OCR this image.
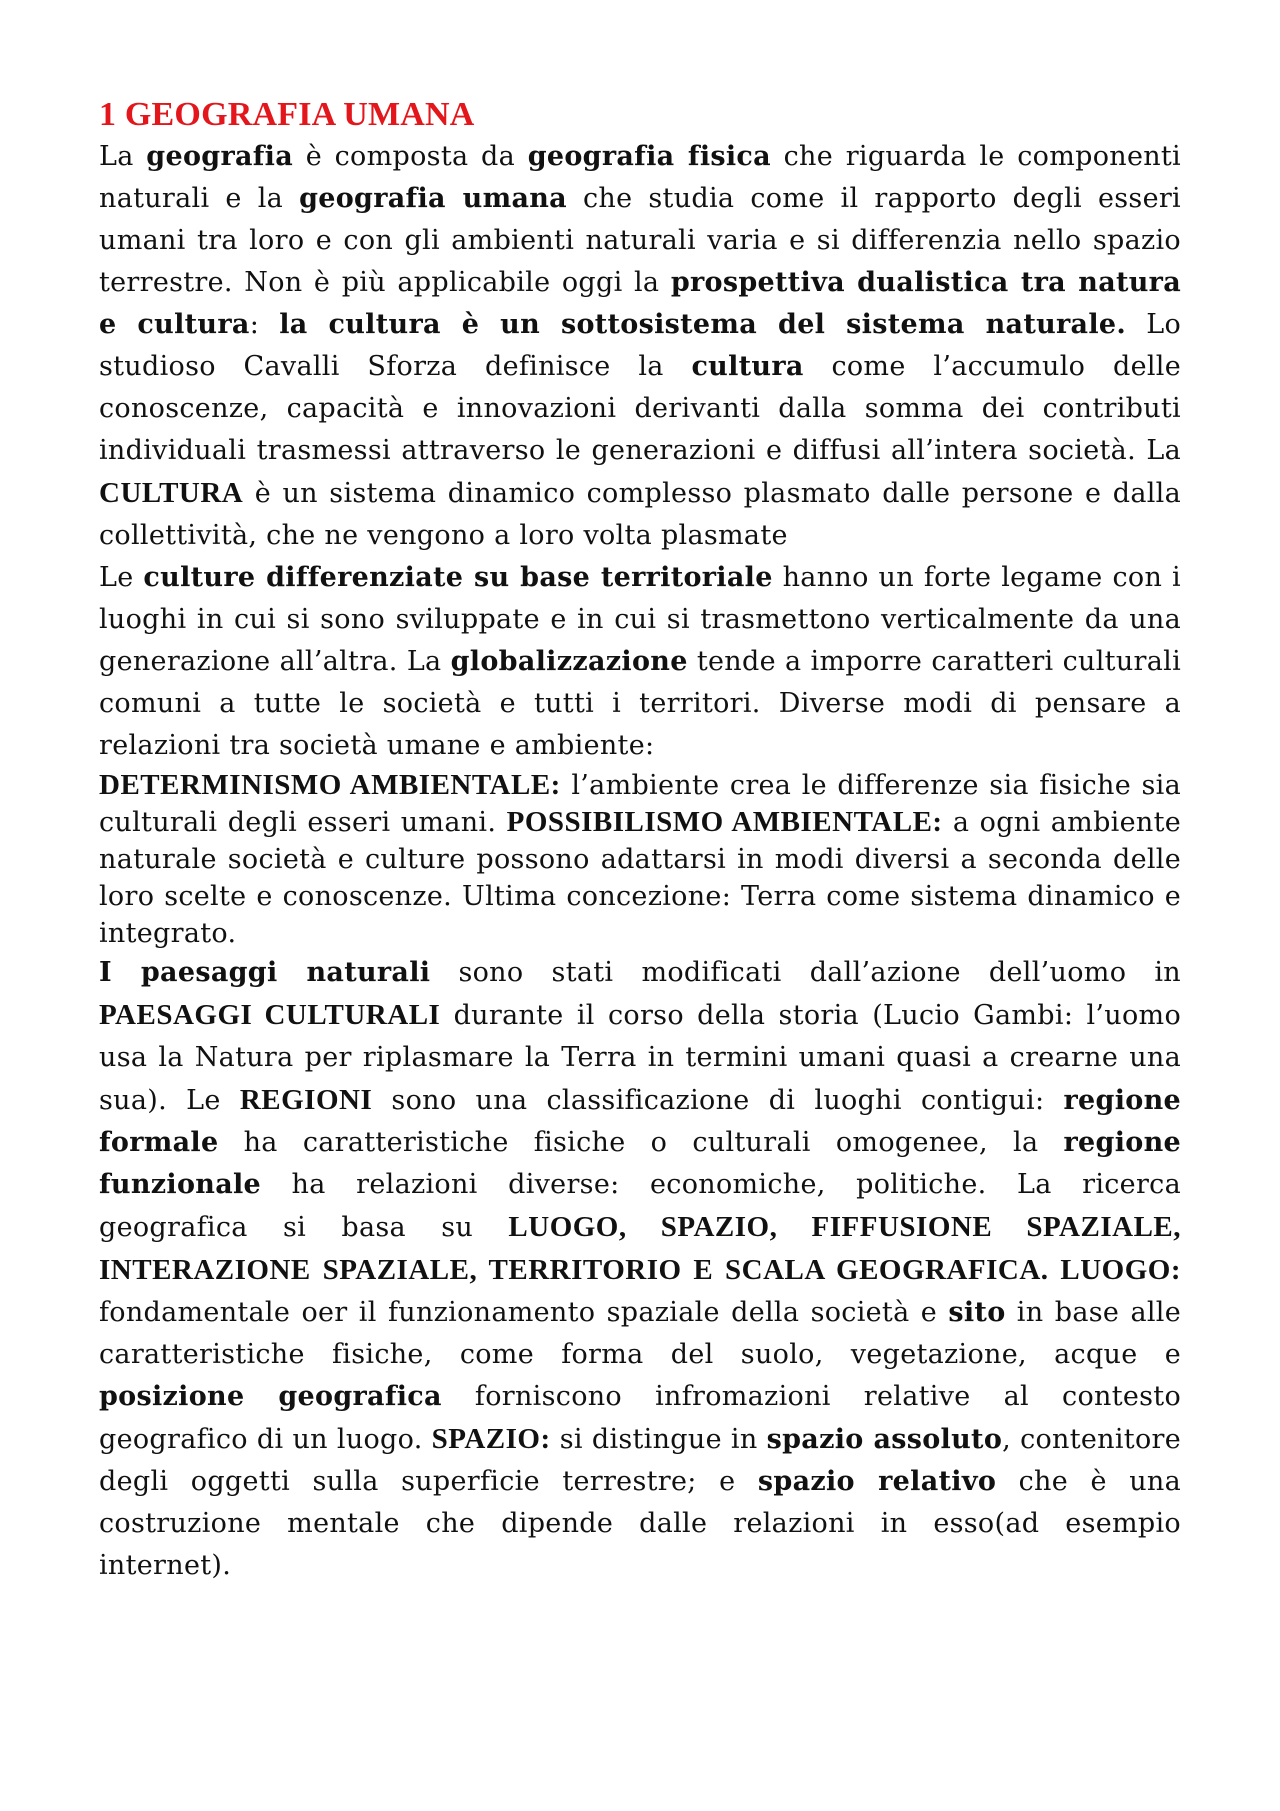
1 GEOGRAFIA UMANA

La geografia è composta da geografia fisica che riguarda le componenti naturali e la geografia umana che studia come il rapporto degli esseri umani tra loro e con gli ambienti naturali varia e si differenzia nello spazio terrestre. Non è più applicabile oggi la prospettiva dualistica tra natura e cultura: la cultura è un sottosistema del sistema naturale. Lo studioso Cavalli Sforza definisce la cultura come l’accumulo delle conoscenze, capacità e innovazioni derivanti dalla somma dei contributi individuali trasmessi attraverso le generazioni e diffusi all’intera società. La CULTURA è un sistema dinamico complesso plasmato dalle persone e dalla collettività, che ne vengono a loro volta plasmate

Le culture differenziate su base territoriale hanno un forte legame con i luoghi in cui si sono sviluppate e in cui si trasmettono verticalmente da una generazione all’altra. La globalizzazione tende a imporre caratteri culturali comuni a tutte le società e tutti i territori. Diverse modi di pensare a relazioni tra società umane e ambiente:

DETERMINISMO AMBIENTALE: l’ambiente crea le differenze sia fisiche sia culturali degli esseri umani. POSSIBILISMO AMBIENTALE: a ogni ambiente naturale società e culture possono adattarsi in modi diversi a seconda delle loro scelte e conoscenze. Ultima concezione: Terra come sistema dinamico e integrato.

I paesaggi naturali sono stati modificati dall’azione dell’uomo in PAESAGGI CULTURALI durante il corso della storia (Lucio Gambi: l’uomo usa la Natura per riplasmare la Terra in termini umani quasi a crearne una sua). Le REGIONI sono una classificazione di luoghi contigui: regione formale ha caratteristiche fisiche o culturali omogenee, la regione funzionale ha relazioni diverse: economiche, politiche. La ricerca geografica si basa su LUOGO, SPAZIO, FIFFUSIONE SPAZIALE, INTERAZIONE SPAZIALE, TERRITORIO E SCALA GEOGRAFICA. LUOGO: fondamentale oer il funzionamento spaziale della società e sito in base alle caratteristiche fisiche, come forma del suolo, vegetazione, acque e posizione geografica forniscono infromazioni relative al contesto geografico di un luogo. SPAZIO: si distingue in spazio assoluto, contenitore degli oggetti sulla superficie terrestre; e spazio relativo che è una costruzione mentale che dipende dalle relazioni in esso(ad esempio internet).
